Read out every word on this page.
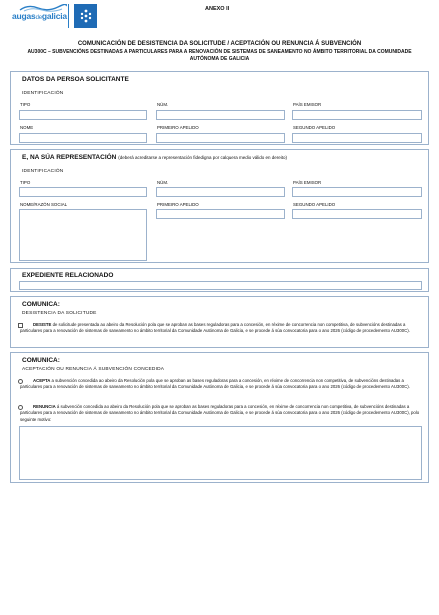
augasdegalicia
ANEXO II
COMUNICACIÓN DE DESISTENCIA DA SOLICITUDE / ACEPTACIÓN OU RENUNCIA Á SUBVENCIÓN
AU300C – SUBVENCIÓNS DESTINADAS A PARTICULARES PARA A RENOVACIÓN DE SISTEMAS DE SANEAMENTO NO ÁMBITO TERRITORIAL DA COMUNIDADE AUTÓNOMA DE GALICIA
DATOS DA PERSOA SOLICITANTE
IDENTIFICACIÓN
TIPO	NÚM.	PAÍS EMISOR
NOME	PRIMEIRO APELIDO	SEGUNDO APELIDO
E, NA SÚA REPRESENTACIÓN (deberá acreditarse a representación fidedigna por calquera medio válido en dereito)
IDENTIFICACIÓN
TIPO	NÚM.	PAÍS EMISOR
NOME/RAZÓN SOCIAL	PRIMEIRO APELIDO	SEGUNDO APELIDO
EXPEDIENTE RELACIONADO
COMUNICA:
DESISTENCIA DA SOLICITUDE
DESISTE de solicitude presentada ao abeiro da Resolución pola que se aproban as bases reguladoras para a concesión, en réxime de concorrencia non competitiva, de subvencións destinadas a particulares para a renovación de sistemas de saneamento no ámbito territorial da Comunidade Autónoma de Galicia, e se procede á súa convocatoria para o ano 2026 (código de procedemento AU300C).
COMUNICA:
ACEPTACIÓN OU RENUNCIA Á SUBVENCIÓN CONCEDIDA
ACEPTA a subvención concedida ao abeiro da Resolución pola que se aproban as bases reguladoras para a concesión, en réxime de concorrencia non competitiva, de subvencións destinadas a particulares para a renovación de sistemas de saneamento no ámbito territorial da Comunidade Autónoma de Galicia, e se procede á súa convocatoria para o ano 2026 (código de procedemento AU300C).
RENUNCIA á subvención concedida ao abeiro da Resolución pola que se aproban as bases reguladoras para a concesión, en réxime de concorrencia non competitiva, de subvencións destinadas a particulares para a renovación de sistemas de saneamento no ámbito territorial da Comunidade Autónoma de Galicia, e se procede á súa convocatoria para o ano 2026 (código de procedemento AU300C), polo seguinte motivo:
